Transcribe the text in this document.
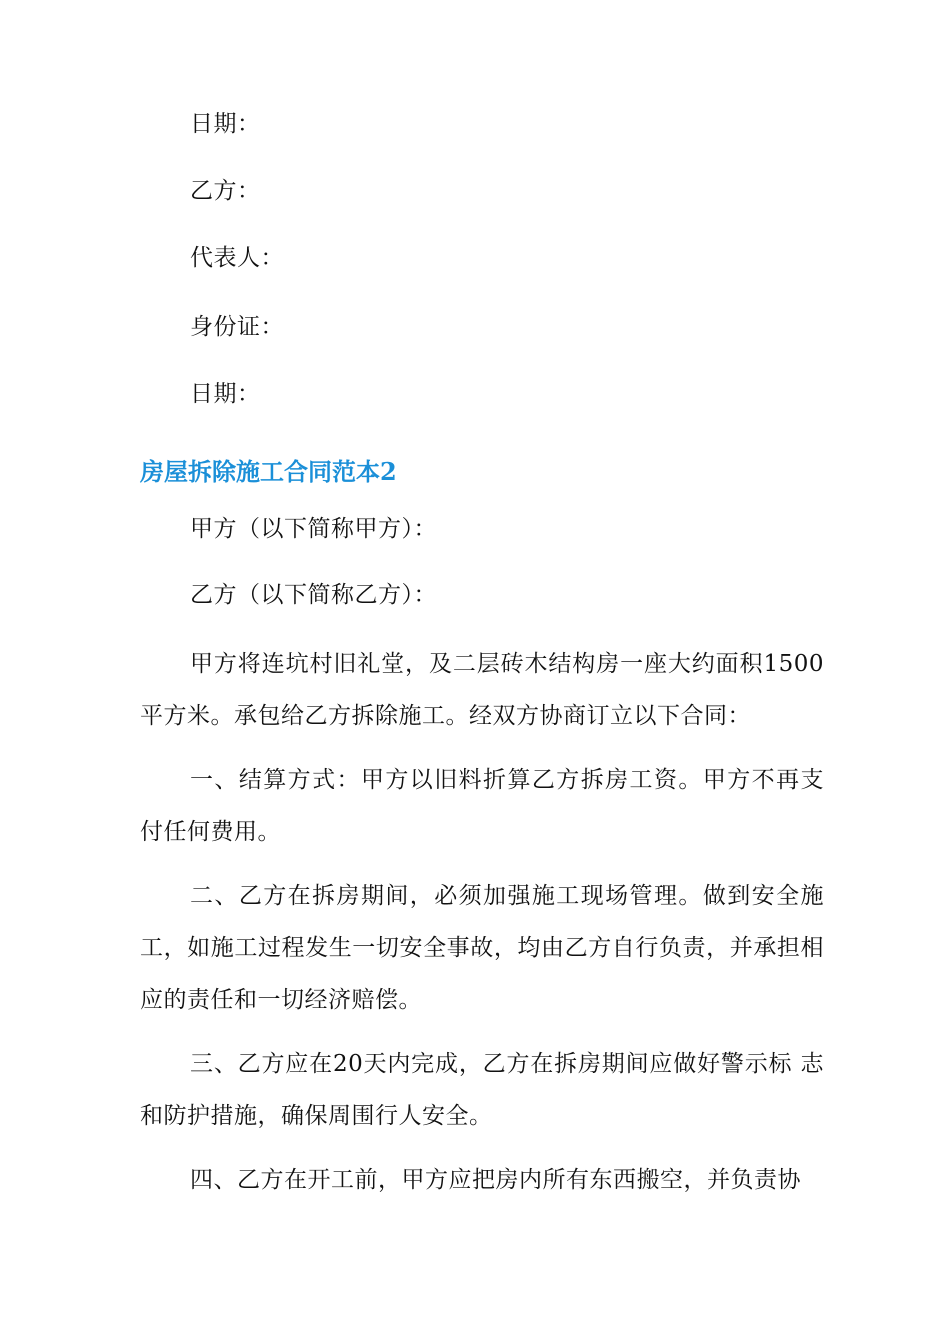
日期：
乙方：
代表人：
身份证：
日期：
房屋拆除施工合同范本2
甲方（以下简称甲方）：
乙方（以下简称乙方）：
甲方将连坑村旧礼堂，及二层砖木结构房一座大约面积1500平方米。承包给乙方拆除施工。经双方协商订立以下合同：
一、结算方式：甲方以旧料折算乙方拆房工资。甲方不再支付任何费用。
二、乙方在拆房期间，必须加强施工现场管理。做到安全施工，如施工过程发生一切安全事故，均由乙方自行负责，并承担相应的责任和一切经济赔偿。
三、乙方应在20天内完成，乙方在拆房期间应做好警示标 志和防护措施，确保周围行人安全。
四、乙方在开工前，甲方应把房内所有东西搬空，并负责协
